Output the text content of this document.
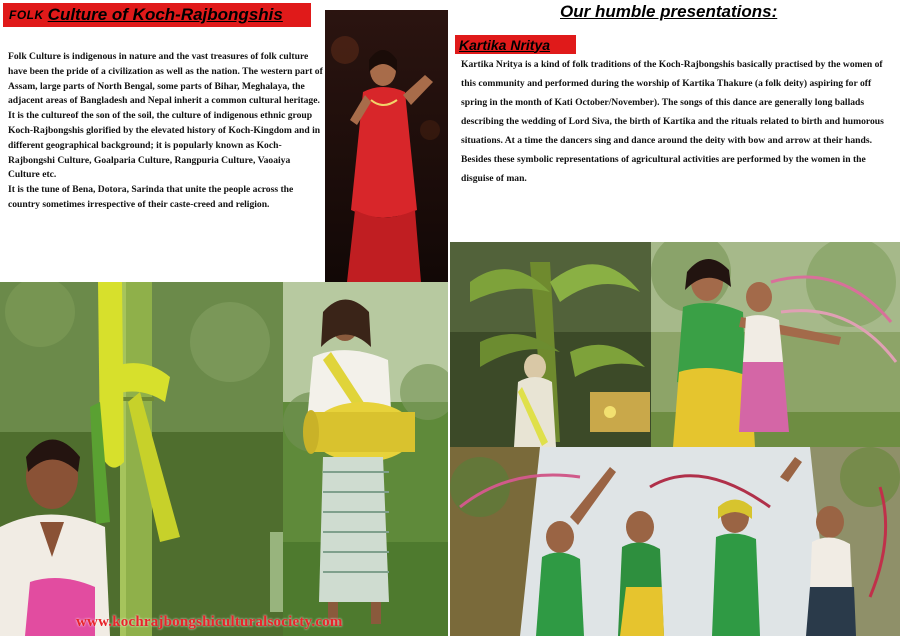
FOLK Culture of Koch-Rajbongshis

Folk Culture is indigenous in nature and the vast treasures of folk culture have been the pride of a civilization as well as the nation. The western part of Assam, large parts of North Bengal, some parts of Bihar, Meghalaya, the adjacent areas of Bangladesh and Nepal inherit a common cultural heritage.

It is the cultureof the son of the soil, the culture of indigenous ethnic group Koch-Rajbongshis glorified by the elevated history of Koch-Kingdom and in different geographical background; it is popularly known as Koch-Rajbongshi Culture, Goalparia Culture, Rangpuria Culture, Vaoaiya Culture etc.

It is the tune of Bena, Dotora, Sarinda that unite the people across the country sometimes irrespective of their caste-creed and religion.

Our humble presentations:
Kartika Nritya

Kartika Nritya is a kind of folk traditions of the Koch-Rajbongshis basically practised by the women of this community and performed during the worship of Kartika Thakure (a folk deity) aspiring for off spring in the month of Kati October/November). The songs of this dance are generally long ballads describing the wedding of Lord Siva, the birth of Kartika and the rituals related to birth and humorous situations. At a time the dancers sing and dance around the deity with bow and arrow at their hands. Besides these symbolic representations of agricultural activities are performed by the women in the disguise of man.

www.kochrajbongshiculturalsociety.com
